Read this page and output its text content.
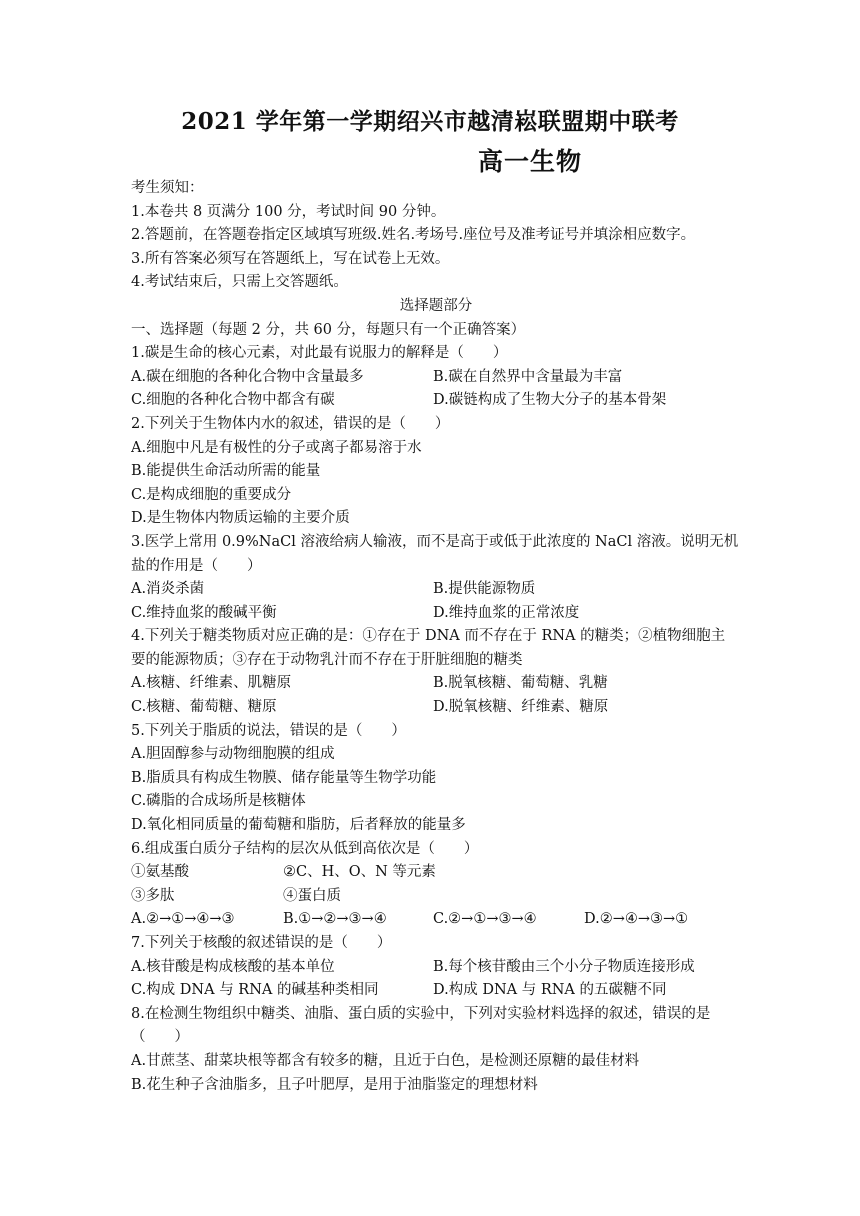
2021 学年第一学期绍兴市越清崧联盟期中联考
高一生物
考生须知：
1.本卷共 8 页满分 100 分，考试时间 90 分钟。
2.答题前，在答题卷指定区域填写班级.姓名.考场号.座位号及准考证号并填涂相应数字。
3.所有答案必须写在答题纸上，写在试卷上无效。
4.考试结束后，只需上交答题纸。
选择题部分
一、选择题（每题 2 分，共 60 分，每题只有一个正确答案）
1.碳是生命的核心元素，对此最有说服力的解释是（　　）
A.碳在细胞的各种化合物中含量最多	B.碳在自然界中含量最为丰富
C.细胞的各种化合物中都含有碳	D.碳链构成了生物大分子的基本骨架
2.下列关于生物体内水的叙述，错误的是（　　）
A.细胞中凡是有极性的分子或离子都易溶于水
B.能提供生命活动所需的能量
C.是构成细胞的重要成分
D.是生物体内物质运输的主要介质
3.医学上常用 0.9%NaCl 溶液给病人输液，而不是高于或低于此浓度的 NaCl 溶液。说明无机
盐的作用是（　　）
A.消炎杀菌	B.提供能源物质
C.维持血浆的酸碱平衡	D.维持血浆的正常浓度
4.下列关于糖类物质对应正确的是：①存在于 DNA 而不存在于 RNA 的糖类；②植物细胞主
要的能源物质；③存在于动物乳汁而不存在于肝脏细胞的糖类
A.核糖、纤维素、肌糖原	B.脱氧核糖、葡萄糖、乳糖
C.核糖、葡萄糖、糖原	D.脱氧核糖、纤维素、糖原
5.下列关于脂质的说法，错误的是（　　）
A.胆固醇参与动物细胞膜的组成
B.脂质具有构成生物膜、储存能量等生物学功能
C.磷脂的合成场所是核糖体
D.氧化相同质量的葡萄糖和脂肪，后者释放的能量多
6.组成蛋白质分子结构的层次从低到高依次是（　　）
①氨基酸	②C、H、O、N 等元素
③多肽	④蛋白质
A.②→①→④→③	B.①→②→③→④	C.②→①→③→④	D.②→④→③→①
7.下列关于核酸的叙述错误的是（　　）
A.核苷酸是构成核酸的基本单位	B.每个核苷酸由三个小分子物质连接形成
C.构成 DNA 与 RNA 的碱基种类相同	D.构成 DNA 与 RNA 的五碳糖不同
8.在检测生物组织中糖类、油脂、蛋白质的实验中，下列对实验材料选择的叙述，错误的是
（　　）
A.甘蔗茎、甜菜块根等都含有较多的糖，且近于白色，是检测还原糖的最佳材料
B.花生种子含油脂多，且子叶肥厚，是用于油脂鉴定的理想材料
